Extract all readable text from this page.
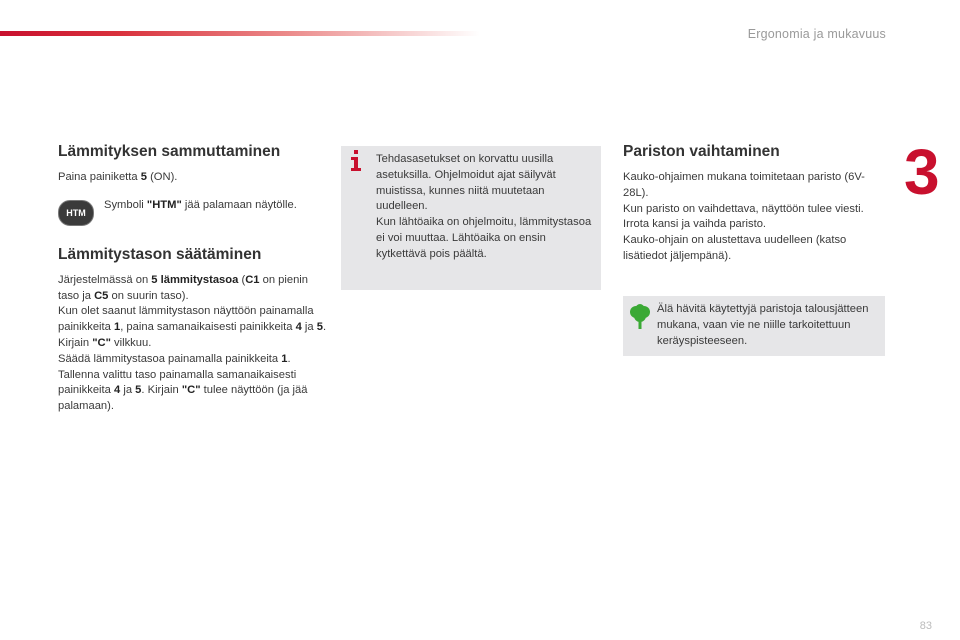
Ergonomia ja mukavuus
3
Lämmityksen sammuttaminen

Paina painiketta 5 (ON).

HTM

Symboli "HTM" jää palamaan näytölle.

Lämmitystason säätäminen

Järjestelmässä on 5 lämmitystasoa (C1 on pienin taso ja C5 on suurin taso).

Kun olet saanut lämmitystason näyttöön painamalla painikkeita 1, paina samanaikaisesti painikkeita 4 ja 5.

Kirjain "C" vilkkuu.

Säädä lämmitystasoa painamalla painikkeita 1.

Tallenna valittu taso painamalla samanaikaisesti painikkeita 4 ja 5. Kirjain "C" tulee näyttöön (ja jää palamaan).

Tehdasasetukset on korvattu uusilla asetuksilla. Ohjelmoidut ajat säilyvät muistissa, kunnes niitä muutetaan uudelleen.

Kun lähtöaika on ohjelmoitu, lämmitystasoa ei voi muuttaa. Lähtöaika on ensin kytkettävä pois päältä.

Pariston vaihtaminen

Kauko-ohjaimen mukana toimitetaan paristo (6V-28L).

Kun paristo on vaihdettava, näyttöön tulee viesti.

Irrota kansi ja vaihda paristo.

Kauko-ohjain on alustettava uudelleen (katso lisätiedot jäljempänä).

Älä hävitä käytettyjä paristoja talousjätteen mukana, vaan vie ne niille tarkoitettuun keräyspisteeseen.

83
